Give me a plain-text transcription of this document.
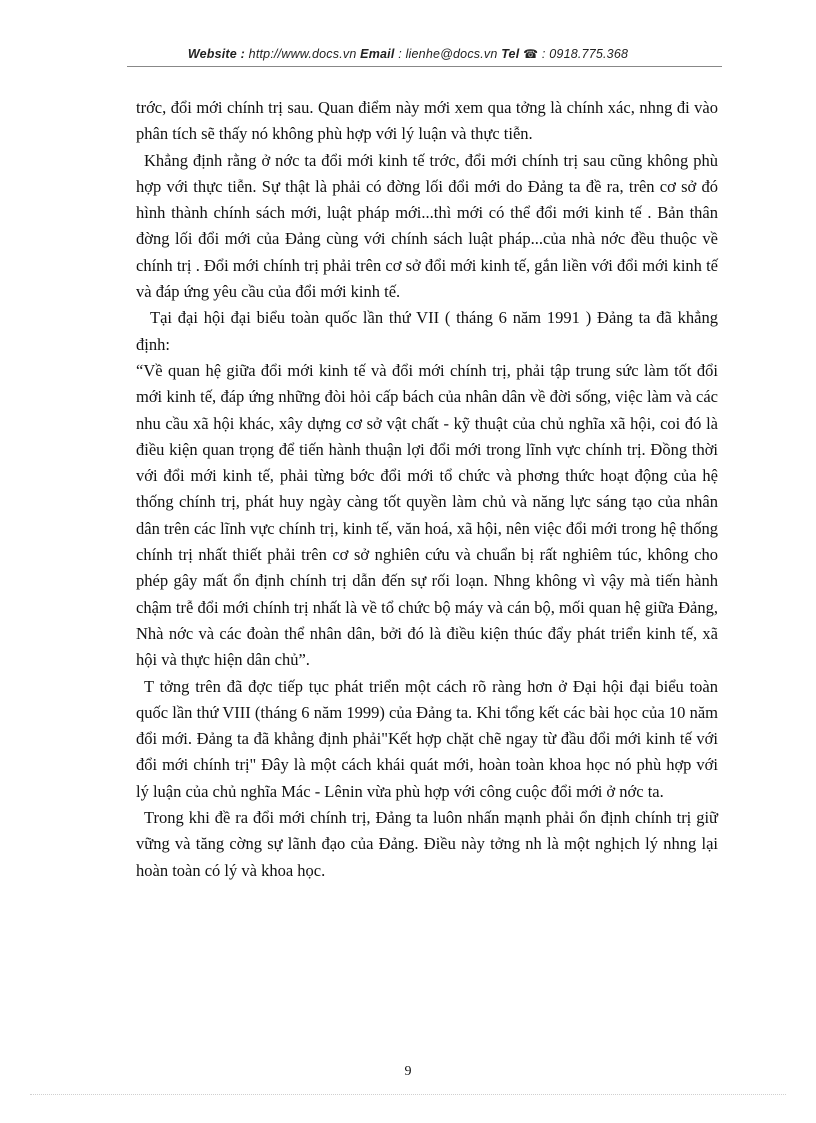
Website : http://www.docs.vn Email : lienhe@docs.vn Tel ☎ : 0918.775.368

trớc, đổi mới chính trị sau. Quan điểm này mới xem qua tởng là chính xác, nhng đi vào phân tích sẽ thấy nó không phù hợp với lý luận và thực tiễn.

Khẳng định rằng ở nớc ta đổi mới kinh tế trớc, đổi mới chính trị sau cũng không phù hợp với thực tiễn. Sự thật là phải có đờng lối đổi mới do Đảng ta đề ra, trên cơ sở đó hình thành chính sách mới, luật pháp mới...thì mới có thể đổi mới kinh tế . Bản thân đờng lối đổi mới của Đảng cùng với chính sách luật pháp...của nhà nớc đều thuộc về chính trị . Đổi mới chính trị phải trên cơ sở đổi mới kinh tế, gắn liền với đổi mới kinh tế và đáp ứng yêu cầu của đổi mới kinh tế.

Tại đại hội đại biểu toàn quốc lần thứ VII ( tháng 6 năm 1991 ) Đảng ta đã khẳng định:

“Về quan hệ giữa đổi mới kinh tế và đổi mới chính trị, phải tập trung sức làm tốt đổi mới kinh tế, đáp ứng những đòi hỏi cấp bách của nhân dân về đời sống, việc làm và các nhu cầu xã hội khác, xây dựng cơ sở vật chất - kỹ thuật của chủ nghĩa xã hội, coi đó là điều kiện quan trọng để tiến hành thuận lợi đổi mới trong lĩnh vực chính trị. Đồng thời với đổi mới kinh tế, phải từng bớc đổi mới tổ chức và phơng thức hoạt động của hệ thống chính trị, phát huy ngày càng tốt quyền làm chủ và năng lực sáng tạo của nhân dân trên các lĩnh vực chính trị, kinh tế, văn hoá, xã hội, nên việc đổi mới trong hệ thống chính trị nhất thiết phải trên cơ sở nghiên cứu và chuẩn bị rất nghiêm túc, không cho phép gây mất ổn định chính trị dẫn đến sự rối loạn. Nhng không vì vậy mà tiến hành chậm trễ đổi mới chính trị nhất là về tổ chức bộ máy và cán bộ, mối quan hệ giữa Đảng, Nhà nớc và các đoàn thể nhân dân, bởi đó là điều kiện thúc đẩy phát triển kinh tế, xã hội và thực hiện dân chủ”.

T tởng trên đã đợc tiếp tục phát triển một cách rõ ràng hơn ở Đại hội đại biểu toàn quốc lần thứ VIII (tháng 6 năm 1999) của Đảng ta. Khi tổng kết các bài học của 10 năm đổi mới. Đảng ta đã khẳng định phải"Kết hợp chặt chẽ ngay từ đầu đổi mới kinh tế với đổi mới chính trị" Đây là một cách khái quát mới, hoàn toàn khoa học nó phù hợp với lý luận của chủ nghĩa Mác - Lênin vừa phù hợp với công cuộc đổi mới ở nớc ta.

Trong khi đề ra đổi mới chính trị, Đảng ta luôn nhấn mạnh phải ổn định chính trị giữ vững và tăng cờng sự lãnh đạo của Đảng. Điều này tởng nh là một nghịch lý nhng lại hoàn toàn có lý và khoa học.

9
